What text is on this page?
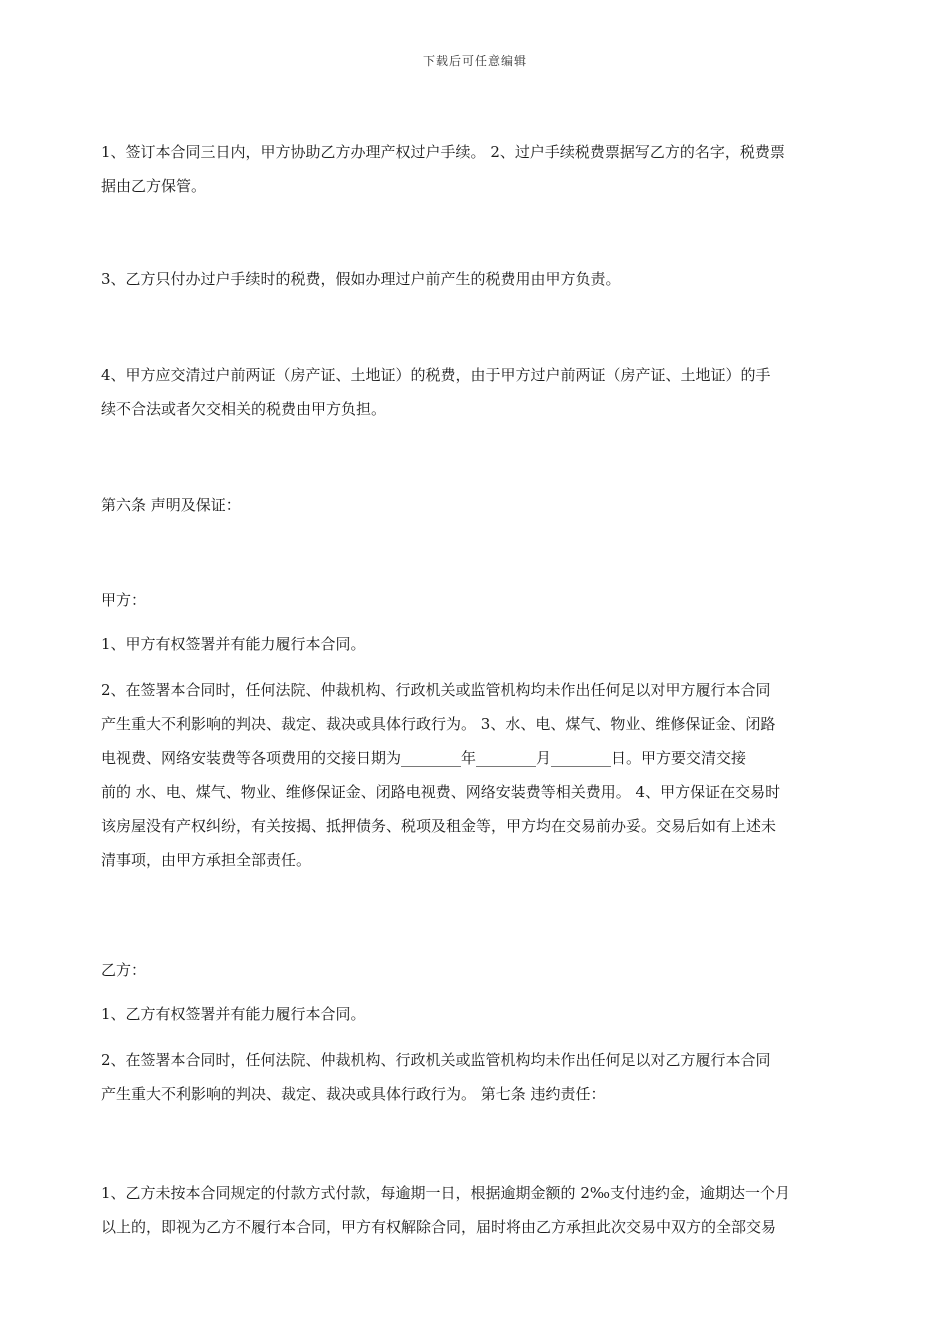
下载后可任意编辑
1、签订本合同三日内，甲方协助乙方办理产权过户手续。 2、过户手续税费票据写乙方的名字，税费票
据由乙方保管。
3、乙方只付办过户手续时的税费，假如办理过户前产生的税费用由甲方负责。
4、甲方应交清过户前两证（房产证、土地证）的税费，由于甲方过户前两证（房产证、土地证）的手
续不合法或者欠交相关的税费由甲方负担。
第六条 声明及保证：
甲方：
1、甲方有权签署并有能力履行本合同。
2、在签署本合同时，任何法院、仲裁机构、行政机关或监管机构均未作出任何足以对甲方履行本合同
产生重大不利影响的判决、裁定、裁决或具体行政行为。 3、水、电、煤气、物业、维修保证金、闭路
电视费、网络安装费等各项费用的交接日期为________年________月________日。甲方要交清交接
前的 水、电、煤气、物业、维修保证金、闭路电视费、网络安装费等相关费用。 4、甲方保证在交易时
该房屋没有产权纠纷，有关按揭、抵押债务、税项及租金等，甲方均在交易前办妥。交易后如有上述未
清事项，由甲方承担全部责任。
乙方：
1、乙方有权签署并有能力履行本合同。
2、在签署本合同时，任何法院、仲裁机构、行政机关或监管机构均未作出任何足以对乙方履行本合同
产生重大不利影响的判决、裁定、裁决或具体行政行为。 第七条 违约责任：
1、乙方未按本合同规定的付款方式付款，每逾期一日，根据逾期金额的 2‰支付违约金，逾期达一个月
以上的，即视为乙方不履行本合同，甲方有权解除合同，届时将由乙方承担此次交易中双方的全部交易
